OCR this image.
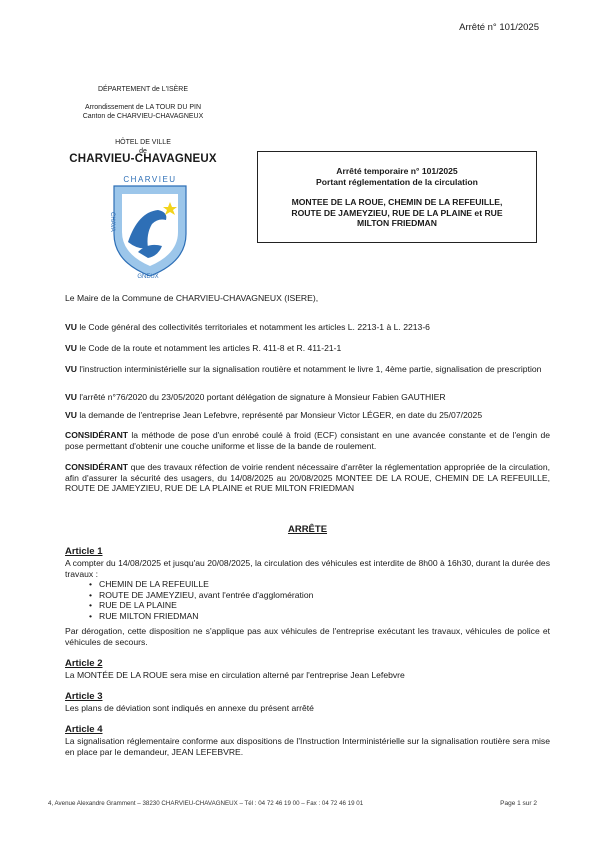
Arrêté n° 101/2025
DÉPARTEMENT de L'ISÈRE
Arrondissement de LA TOUR DU PIN
Canton de CHARVIEU-CHAVAGNEUX
HÔTEL DE VILLE
de
CHARVIEU-CHAVAGNEUX
CHARVIEU
CHAVA
GNEUX
Arrêté temporaire n° 101/2025
Portant réglementation de la circulation
MONTEE DE LA ROUE, CHEMIN DE LA REFEUILLE,
ROUTE DE JAMEYZIEU, RUE DE LA PLAINE et RUE
MILTON FRIEDMAN
Le Maire de la Commune de CHARVIEU-CHAVAGNEUX (ISERE),
VU le Code général des collectivités territoriales et notamment les articles L. 2213-1 à L. 2213-6
VU le Code de la route et notamment les articles R. 411-8 et R. 411-21-1
VU l'instruction interministérielle sur la signalisation routière et notamment le livre 1, 4ème partie, signalisation de prescription
VU l'arrêté n°76/2020 du 23/05/2020 portant délégation de signature à Monsieur Fabien GAUTHIER
VU la demande de l'entreprise Jean Lefebvre, représenté par Monsieur Victor LÉGER, en date du 25/07/2025
CONSIDÉRANT la méthode de pose d'un enrobé coulé à froid (ECF) consistant en une avancée constante et de l'engin de pose permettant d'obtenir une couche uniforme et lisse de la bande de roulement.
CONSIDÉRANT que des travaux réfection de voirie rendent nécessaire d'arrêter la réglementation appropriée de la circulation, afin d'assurer la sécurité des usagers, du 14/08/2025 au 20/08/2025 MONTEE DE LA ROUE, CHEMIN DE LA REFEUILLE, ROUTE DE JAMEYZIEU, RUE DE LA PLAINE et RUE MILTON FRIEDMAN
ARRÊTE
Article 1
A compter du 14/08/2025 et jusqu'au 20/08/2025, la circulation des véhicules est interdite de 8h00 à 16h30, durant la durée des travaux :
• CHEMIN DE LA REFEUILLE
• ROUTE DE JAMEYZIEU, avant l'entrée d'agglomération
• RUE DE LA PLAINE
• RUE MILTON FRIEDMAN
Par dérogation, cette disposition ne s'applique pas aux véhicules de l'entreprise exécutant les travaux, véhicules de police et véhicules de secours.
Article 2
La MONTÉE DE LA ROUE sera mise en circulation alterné par l'entreprise Jean Lefebvre
Article 3
Les plans de déviation sont indiqués en annexe du présent arrêté
Article 4
La signalisation réglementaire conforme aux dispositions de l'Instruction Interministérielle sur la signalisation routière sera mise en place par le demandeur, JEAN LEFEBVRE.
4, Avenue Alexandre Gramment – 38230 CHARVIEU-CHAVAGNEUX – Tél : 04 72 46 19 00 – Fax : 04 72 46 19 01	Page 1 sur 2
